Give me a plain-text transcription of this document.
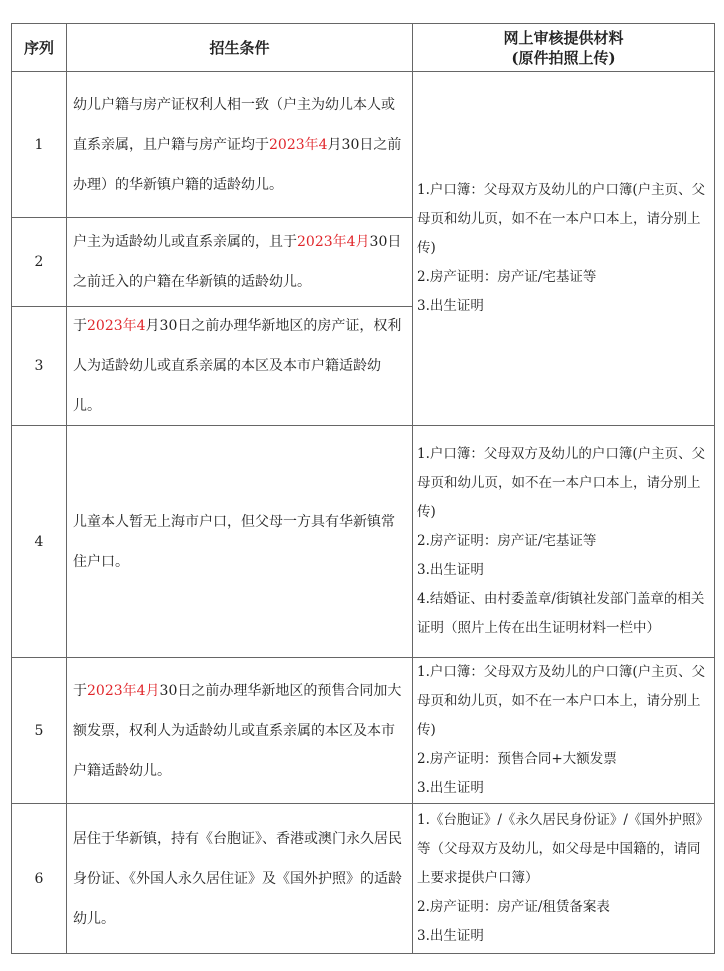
序列	招生条件
网上审核提供材料
(原件拍照上传)
1
幼儿户籍与房产证权利人相一致（户主为幼儿本人或直系亲属，且户籍与房产证均于2023年4月30日之前办理）的华新镇户籍的适龄幼儿。
2
户主为适龄幼儿或直系亲属的，且于2023年4月30日之前迁入的户籍在华新镇的适龄幼儿。
3
于2023年4月30日之前办理华新地区的房产证，权利人为适龄幼儿或直系亲属的本区及本市户籍适龄幼儿。
4
儿童本人暂无上海市户口，但父母一方具有华新镇常住户口。
5
于2023年4月30日之前办理华新地区的预售合同加大额发票，权利人为适龄幼儿或直系亲属的本区及本市户籍适龄幼儿。
6
居住于华新镇，持有《台胞证》、香港或澳门永久居民身份证、《外国人永久居住证》及《国外护照》的适龄幼儿。
1.户口簿：父母双方及幼儿的户口簿(户主页、父母页和幼儿页，如不在一本户口本上，请分别上传)
2.房产证明：房产证/宅基证等
3.出生证明
1.户口簿：父母双方及幼儿的户口簿(户主页、父母页和幼儿页，如不在一本户口本上，请分别上传)
2.房产证明：房产证/宅基证等
3.出生证明
4.结婚证、由村委盖章/街镇社发部门盖章的相关证明（照片上传在出生证明材料一栏中）
1.户口簿：父母双方及幼儿的户口簿(户主页、父母页和幼儿页，如不在一本户口本上，请分别上传)
2.房产证明：预售合同+大额发票
3.出生证明
1.《台胞证》/《永久居民身份证》/《国外护照》等（父母双方及幼儿，如父母是中国籍的，请同上要求提供户口簿）
2.房产证明：房产证/租赁备案表
3.出生证明
